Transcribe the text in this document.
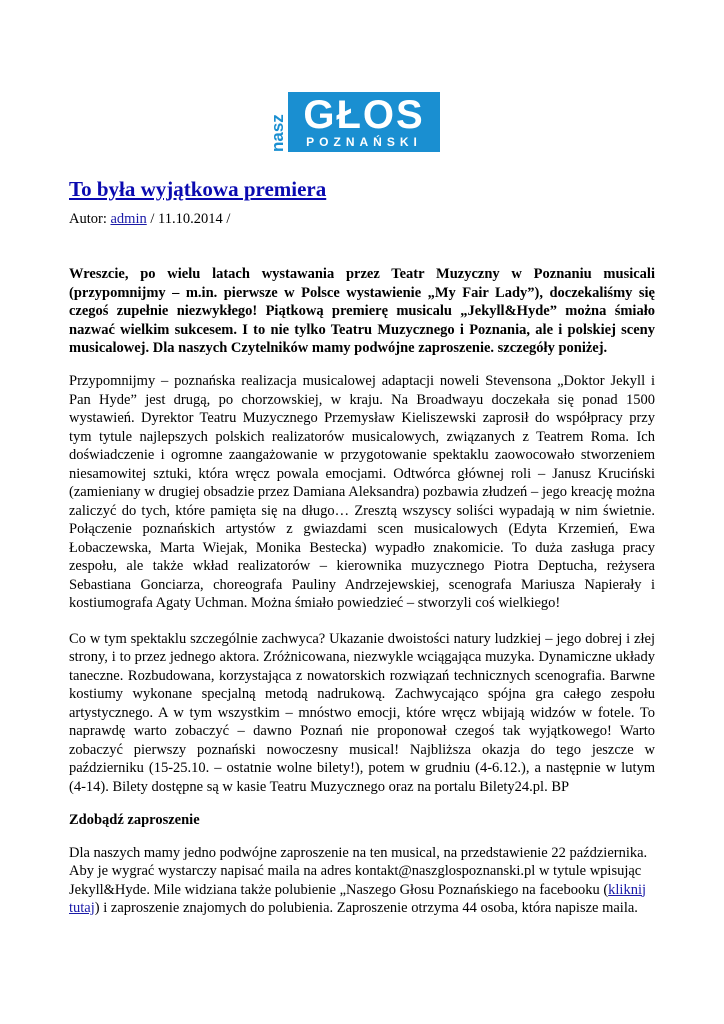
nasz GŁOS
POZNAŃSKI
To była wyjątkowa premiera
Autor: admin / 11.10.2014 /

Wreszcie, po wielu latach wystawania przez Teatr Muzyczny w Poznaniu musicali (przypomnijmy – m.in. pierwsze w Polsce wystawienie „My Fair Lady”), doczekaliśmy się czegoś zupełnie niezwykłego! Piątkową premierę musicalu „Jekyll&Hyde” można śmiało nazwać wielkim sukcesem. I to nie tylko Teatru Muzycznego i Poznania, ale i polskiej sceny musicalowej. Dla naszych Czytelników mamy podwójne zaproszenie. szczegóły poniżej.

Przypomnijmy – poznańska realizacja musicalowej adaptacji noweli Stevensona „Doktor Jekyll i Pan Hyde” jest drugą, po chorzowskiej, w kraju. Na Broadwayu doczekała się ponad 1500 wystawień. Dyrektor Teatru Muzycznego Przemysław Kieliszewski zaprosił do współpracy przy tym tytule najlepszych polskich realizatorów musicalowych, związanych z Teatrem Roma. Ich doświadczenie i ogromne zaangażowanie w przygotowanie spektaklu zaowocowało stworzeniem niesamowitej sztuki, która wręcz powala emocjami. Odtwórca głównej roli – Janusz Kruciński (zamieniany w drugiej obsadzie przez Damiana Aleksandra) pozbawia złudzeń – jego kreację można zaliczyć do tych, które pamięta się na długo… Zresztą wszyscy soliści wypadają w nim świetnie. Połączenie poznańskich artystów z gwiazdami scen musicalowych (Edyta Krzemień, Ewa Łobaczewska, Marta Wiejak, Monika Bestecka) wypadło znakomicie. To duża zasługa pracy zespołu, ale także wkład realizatorów – kierownika muzycznego Piotra Deptucha, reżysera Sebastiana Gonciarza, choreografa Pauliny Andrzejewskiej, scenografa Mariusza Napierały i kostiumografa Agaty Uchman. Można śmiało powiedzieć – stworzyli coś wielkiego!

Co w tym spektaklu szczególnie zachwyca? Ukazanie dwoistości natury ludzkiej – jego dobrej i złej strony, i to przez jednego aktora. Zróżnicowana, niezwykle wciągająca muzyka. Dynamiczne układy taneczne. Rozbudowana, korzystająca z nowatorskich rozwiązań technicznych scenografia. Barwne kostiumy wykonane specjalną metodą nadrukową. Zachwycająco spójna gra całego zespołu artystycznego. A w tym wszystkim – mnóstwo emocji, które wręcz wbijają widzów w fotele. To naprawdę warto zobaczyć – dawno Poznań nie proponował czegoś tak wyjątkowego! Warto zobaczyć pierwszy poznański nowoczesny musical! Najbliższa okazja do tego jeszcze w październiku (15-25.10. – ostatnie wolne bilety!), potem w grudniu (4-6.12.), a następnie w lutym (4-14). Bilety dostępne są w kasie Teatru Muzycznego oraz na portalu Bilety24.pl. BP

Zdobądź zaproszenie

Dla naszych mamy jedno podwójne zaproszenie na ten musical, na przedstawienie 22 października. Aby je wygrać wystarczy napisać maila na adres kontakt@naszglospoznanski.pl w tytule wpisując Jekyll&Hyde. Mile widziana także polubienie „Naszego Głosu Poznańskiego na facebooku (kliknij tutaj) i zaproszenie znajomych do polubienia. Zaproszenie otrzyma 44 osoba, która napisze maila.
